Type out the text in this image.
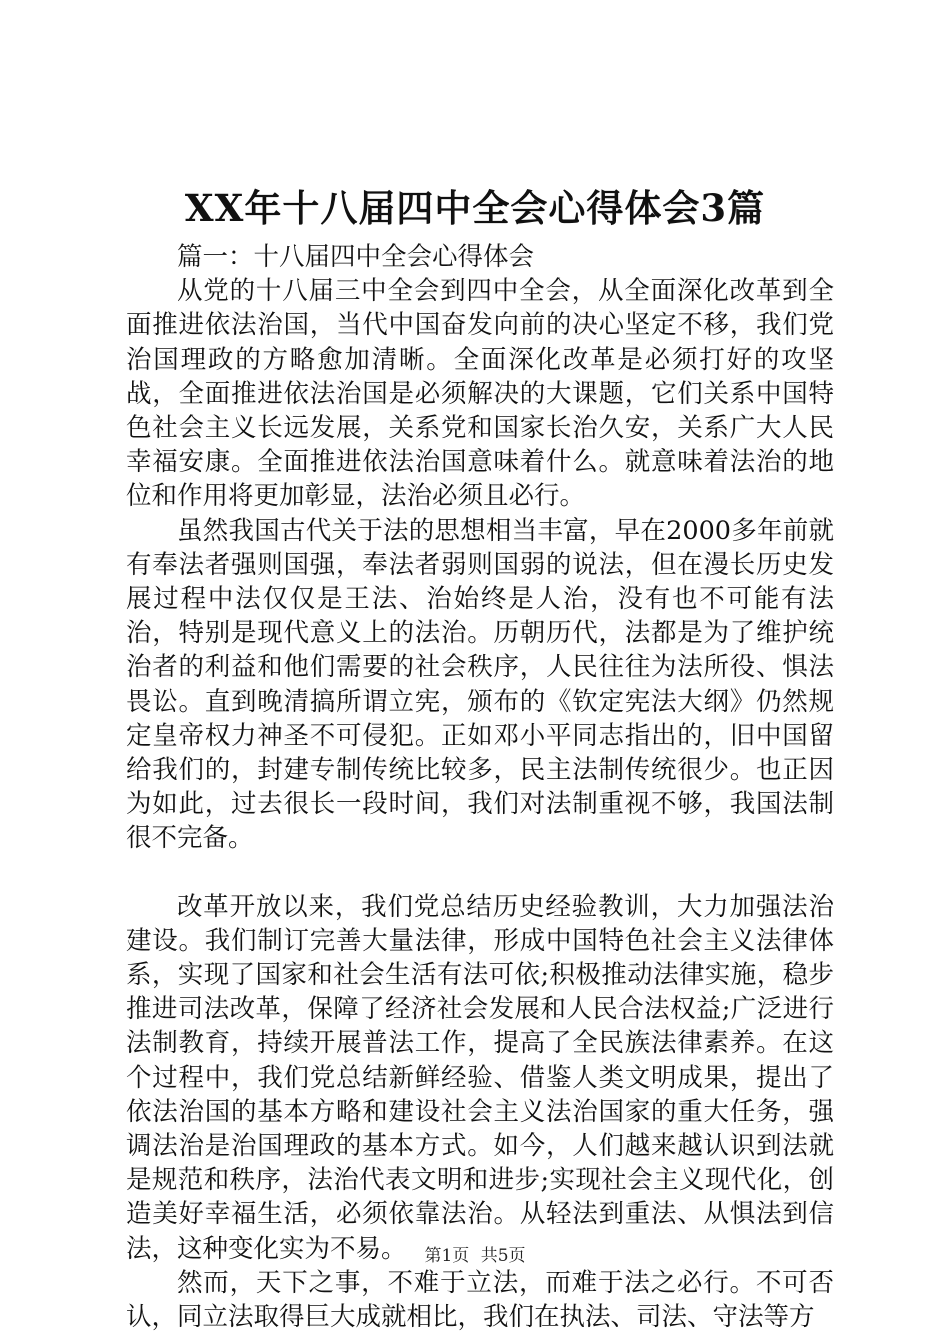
XX年十八届四中全会心得体会3篇

篇一：十八届四中全会心得体会

从党的十八届三中全会到四中全会，从全面深化改革到全面推进依法治国，当代中国奋发向前的决心坚定不移，我们党治国理政的方略愈加清晰。全面深化改革是必须打好的攻坚战，全面推进依法治国是必须解决的大课题，它们关系中国特色社会主义长远发展，关系党和国家长治久安，关系广大人民幸福安康。全面推进依法治国意味着什么。就意味着法治的地位和作用将更加彰显，法治必须且必行。

虽然我国古代关于法的思想相当丰富，早在2000多年前就有奉法者强则国强，奉法者弱则国弱的说法，但在漫长历史发展过程中法仅仅是王法、治始终是人治，没有也不可能有法治，特别是现代意义上的法治。历朝历代，法都是为了维护统治者的利益和他们需要的社会秩序，人民往往为法所役、惧法畏讼。直到晚清搞所谓立宪，颁布的《钦定宪法大纲》仍然规定皇帝权力神圣不可侵犯。正如邓小平同志指出的，旧中国留给我们的，封建专制传统比较多，民主法制传统很少。也正因为如此，过去很长一段时间，我们对法制重视不够，我国法制很不完备。

改革开放以来，我们党总结历史经验教训，大力加强法治建设。我们制订完善大量法律，形成中国特色社会主义法律体系，实现了国家和社会生活有法可依;积极推动法律实施，稳步推进司法改革，保障了经济社会发展和人民合法权益;广泛进行法制教育，持续开展普法工作，提高了全民族法律素养。在这个过程中，我们党总结新鲜经验、借鉴人类文明成果，提出了依法治国的基本方略和建设社会主义法治国家的重大任务，强调法治是治国理政的基本方式。如今，人们越来越认识到法就是规范和秩序，法治代表文明和进步;实现社会主义现代化，创造美好幸福生活，必须依靠法治。从轻法到重法、从惧法到信法，这种变化实为不易。

然而，天下之事，不难于立法，而难于法之必行。不可否认，同立法取得巨大成就相比，我们在执法、司法、守法等方

第1页 共5页
